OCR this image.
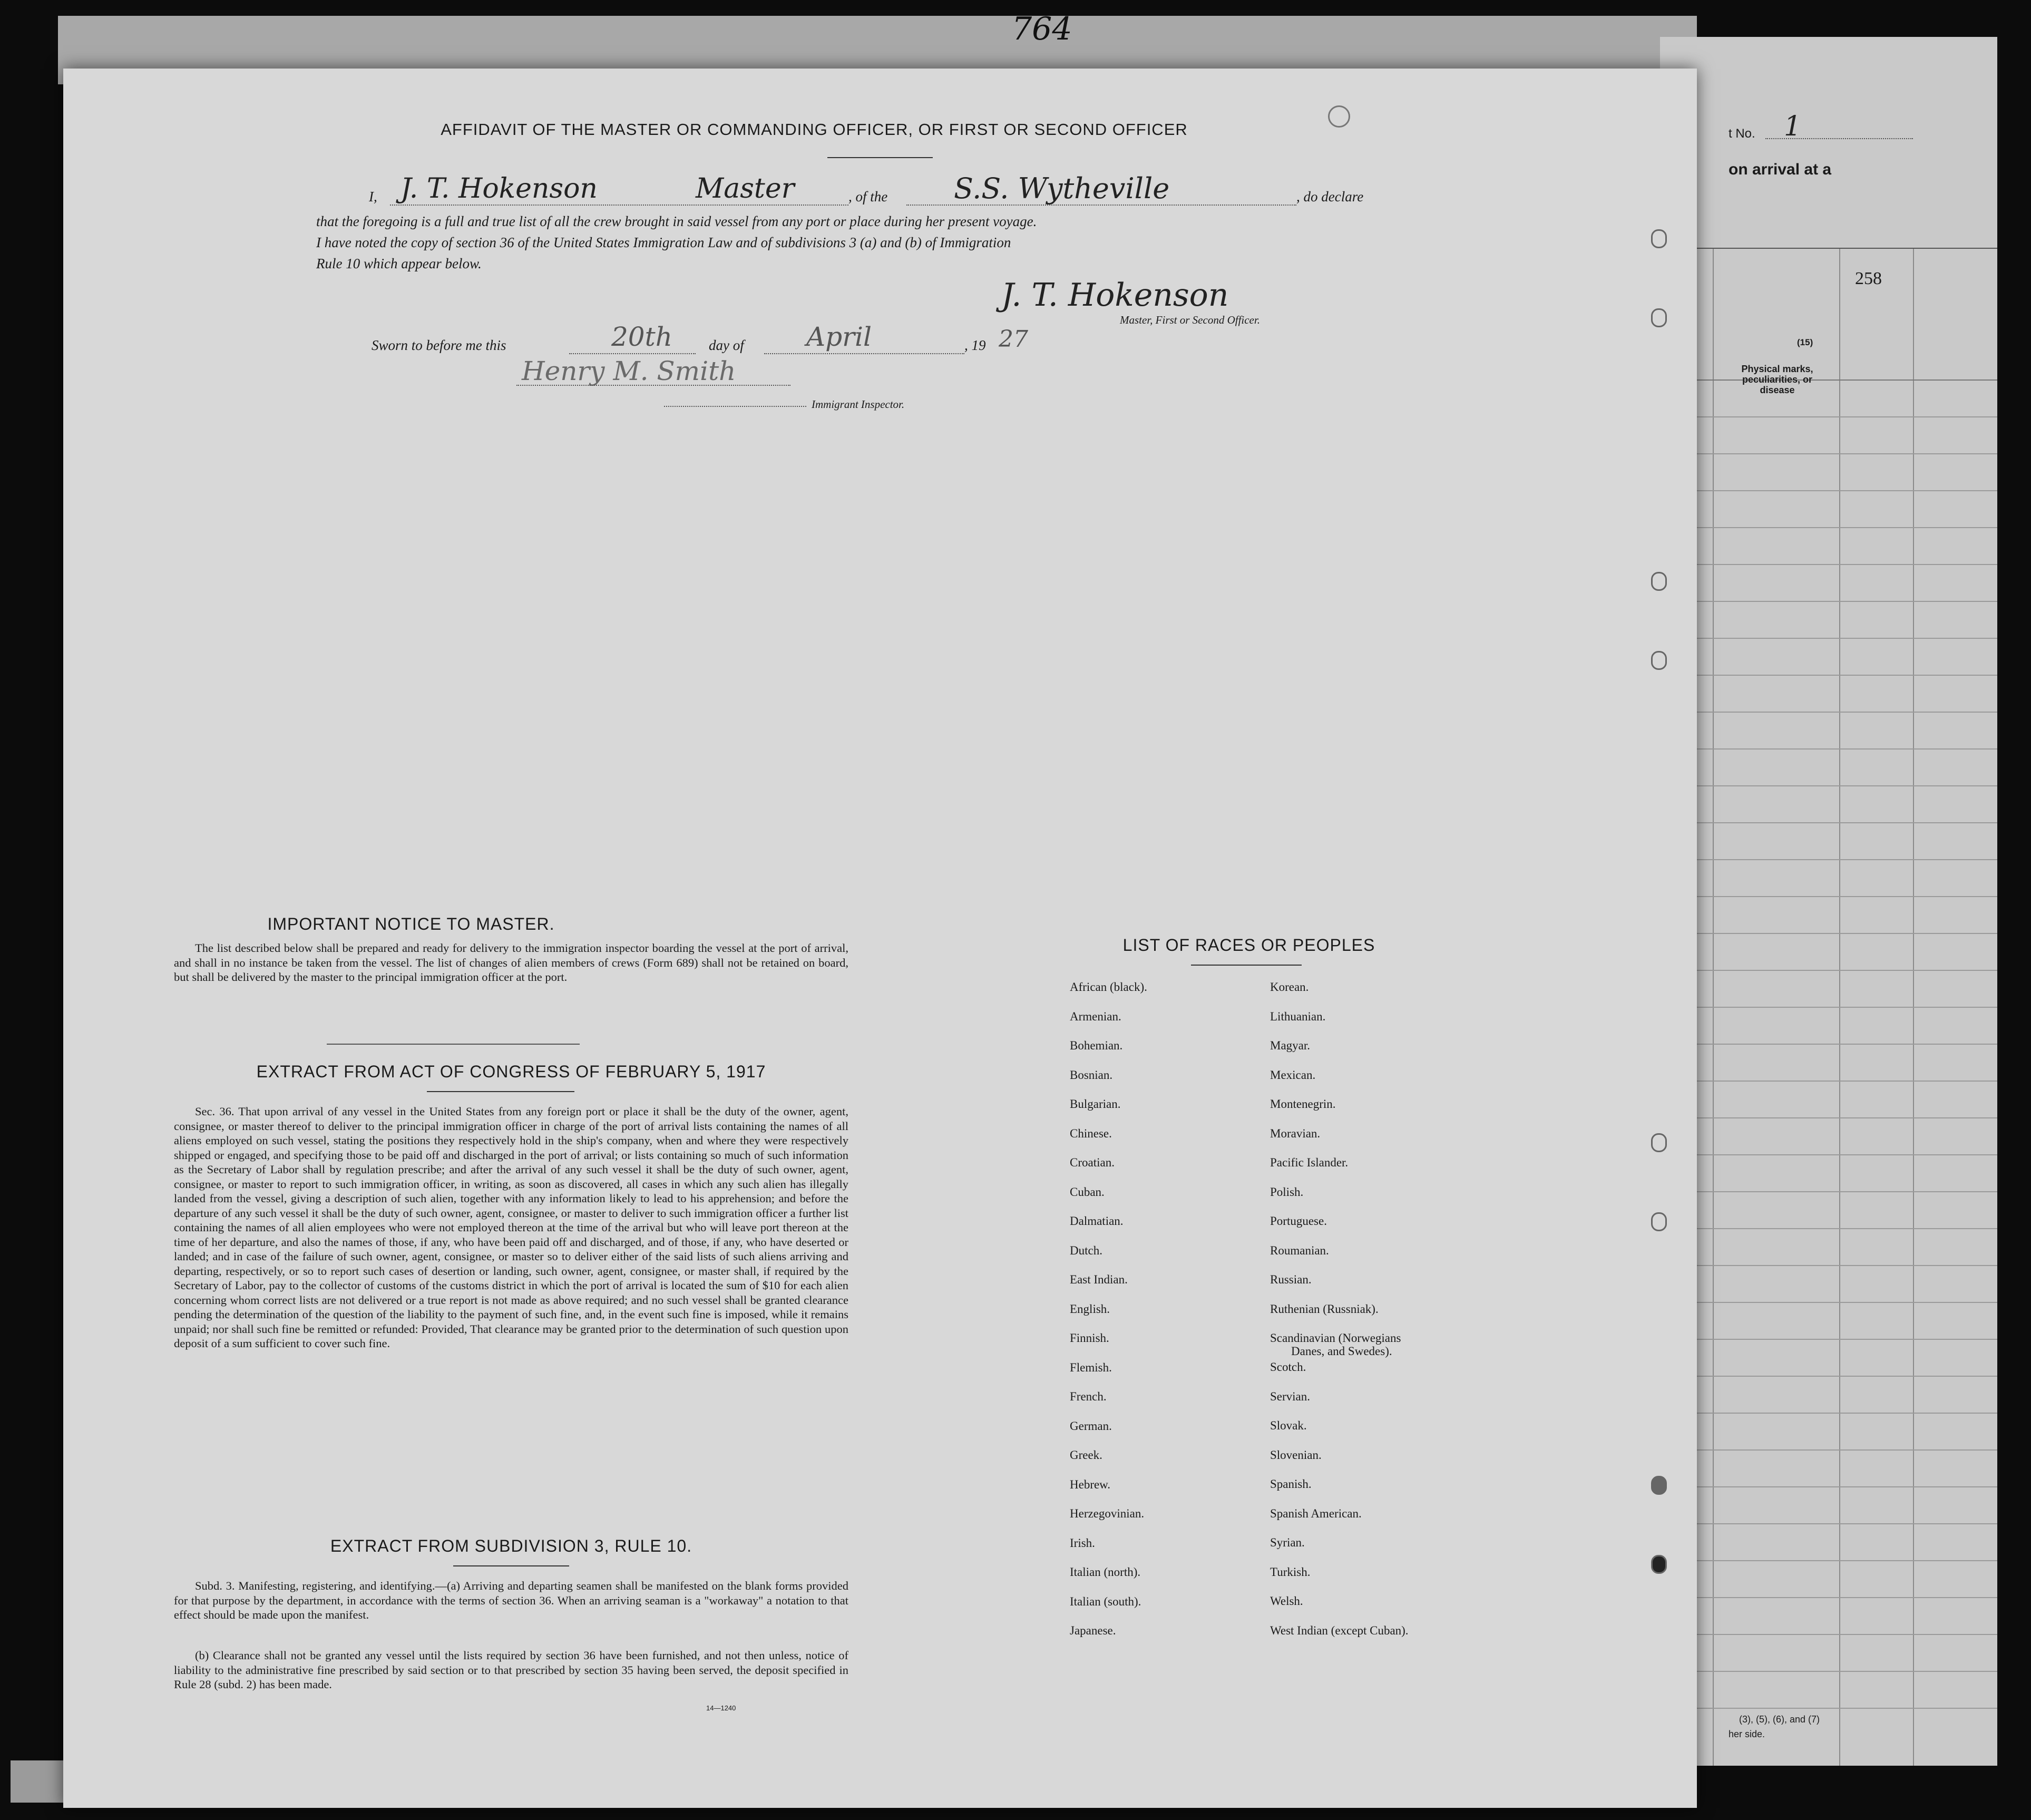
t No. 1
on arrival at a
258
(15)
Physical marks,
peculiarities, or
disease
(3), (5), (6), and (7)
her side.
764
AFFIDAVIT OF THE MASTER OR COMMANDING OFFICER, OR FIRST OR SECOND OFFICER
I, J. T. Hokenson	Master	, of the S.S. Wytheville	, do declare
that the foregoing is a full and true list of all the crew brought in said vessel from any port or place during her present voyage.
I have noted the copy of section 36 of the United States Immigration Law and of subdivisions 3 (a) and (b) of Immigration
Rule 10 which appear below.
J. T. Hokenson
Master, First or Second Officer.
Sworn to before me this	20th	day of April	, 19 27
Henry M. Smith
Immigrant Inspector.
IMPORTANT NOTICE TO MASTER.
The list described below shall be prepared and ready for delivery to the immigration inspector boarding the vessel at the port of arrival, and shall in no instance be taken from the vessel. The list of changes of alien members of crews (Form 689) shall not be retained on board, but shall be delivered by the master to the principal immigration officer at the port.
EXTRACT FROM ACT OF CONGRESS OF FEBRUARY 5, 1917
Sec. 36. That upon arrival of any vessel in the United States from any foreign port or place it shall be the duty of the owner, agent, consignee, or master thereof to deliver to the principal immigration officer in charge of the port of arrival lists containing the names of all aliens employed on such vessel, stating the positions they respectively hold in the ship's company, when and where they were respectively shipped or engaged, and specifying those to be paid off and discharged in the port of arrival; or lists containing so much of such information as the Secretary of Labor shall by regulation prescribe; and after the arrival of any such vessel it shall be the duty of such owner, agent, consignee, or master to report to such immigration officer, in writing, as soon as discovered, all cases in which any such alien has illegally landed from the vessel, giving a description of such alien, together with any information likely to lead to his apprehension; and before the departure of any such vessel it shall be the duty of such owner, agent, consignee, or master to deliver to such immigration officer a further list containing the names of all alien employees who were not employed thereon at the time of the arrival but who will leave port thereon at the time of her departure, and also the names of those, if any, who have been paid off and discharged, and of those, if any, who have deserted or landed; and in case of the failure of such owner, agent, consignee, or master so to deliver either of the said lists of such aliens arriving and departing, respectively, or so to report such cases of desertion or landing, such owner, agent, consignee, or master shall, if required by the Secretary of Labor, pay to the collector of customs of the customs district in which the port of arrival is located the sum of $10 for each alien concerning whom correct lists are not delivered or a true report is not made as above required; and no such vessel shall be granted clearance pending the determination of the question of the liability to the payment of such fine, and, in the event such fine is imposed, while it remains unpaid; nor shall such fine be remitted or refunded: Provided, That clearance may be granted prior to the determination of such question upon deposit of a sum sufficient to cover such fine.
EXTRACT FROM SUBDIVISION 3, RULE 10.
Subd. 3. Manifesting, registering, and identifying.—(a) Arriving and departing seamen shall be manifested on the blank forms provided for that purpose by the department, in accordance with the terms of section 36. When an arriving seaman is a "workaway" a notation to that effect should be made upon the manifest.
(b) Clearance shall not be granted any vessel until the lists required by section 36 have been furnished, and not then unless, notice of liability to the administrative fine prescribed by said section or to that prescribed by section 35 having been served, the deposit specified in Rule 28 (subd. 2) has been made.
14—1240
LIST OF RACES OR PEOPLES
African (black).
Armenian.
Bohemian.
Bosnian.
Bulgarian.
Chinese.
Croatian.
Cuban.
Dalmatian.
Dutch.
East Indian.
English.
Finnish.
Flemish.
French.
German.
Greek.
Hebrew.
Herzegovinian.
Irish.
Italian (north).
Italian (south).
Japanese.
Korean.
Lithuanian.
Magyar.
Mexican.
Montenegrin.
Moravian.
Pacific Islander.
Polish.
Portuguese.
Roumanian.
Russian.
Ruthenian (Russniak).
Scandinavian (Norwegians
Danes, and Swedes).
Scotch.
Servian.
Slovak.
Slovenian.
Spanish.
Spanish American.
Syrian.
Turkish.
Welsh.
West Indian (except Cuban).
